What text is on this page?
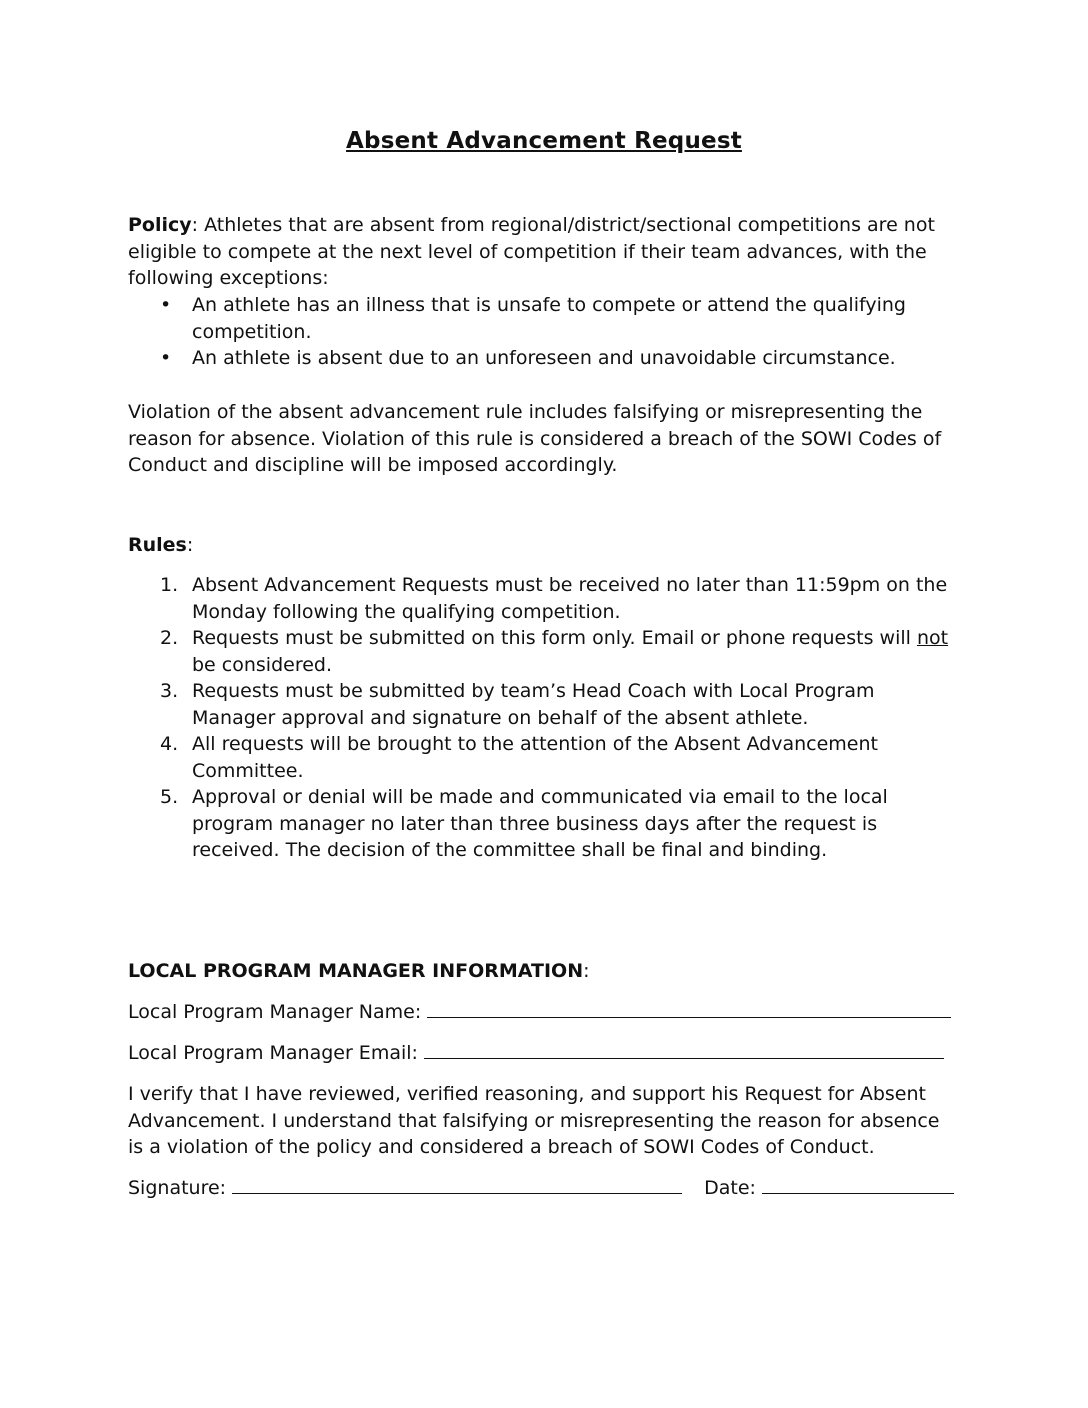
Absent Advancement Request
Policy: Athletes that are absent from regional/district/sectional competitions are not eligible to compete at the next level of competition if their team advances, with the following exceptions:
• An athlete has an illness that is unsafe to compete or attend the qualifying competition.
• An athlete is absent due to an unforeseen and unavoidable circumstance.
Violation of the absent advancement rule includes falsifying or misrepresenting the reason for absence. Violation of this rule is considered a breach of the SOWI Codes of Conduct and discipline will be imposed accordingly.
Rules:
1. Absent Advancement Requests must be received no later than 11:59pm on the Monday following the qualifying competition.
2. Requests must be submitted on this form only. Email or phone requests will not be considered.
3. Requests must be submitted by team’s Head Coach with Local Program Manager approval and signature on behalf of the absent athlete.
4. All requests will be brought to the attention of the Absent Advancement Committee.
5. Approval or denial will be made and communicated via email to the local program manager no later than three business days after the request is received. The decision of the committee shall be final and binding.
LOCAL PROGRAM MANAGER INFORMATION:
Local Program Manager Name:
Local Program Manager Email:
I verify that I have reviewed, verified reasoning, and support his Request for Absent Advancement. I understand that falsifying or misrepresenting the reason for absence is a violation of the policy and considered a breach of SOWI Codes of Conduct.
Signature:	Date:
